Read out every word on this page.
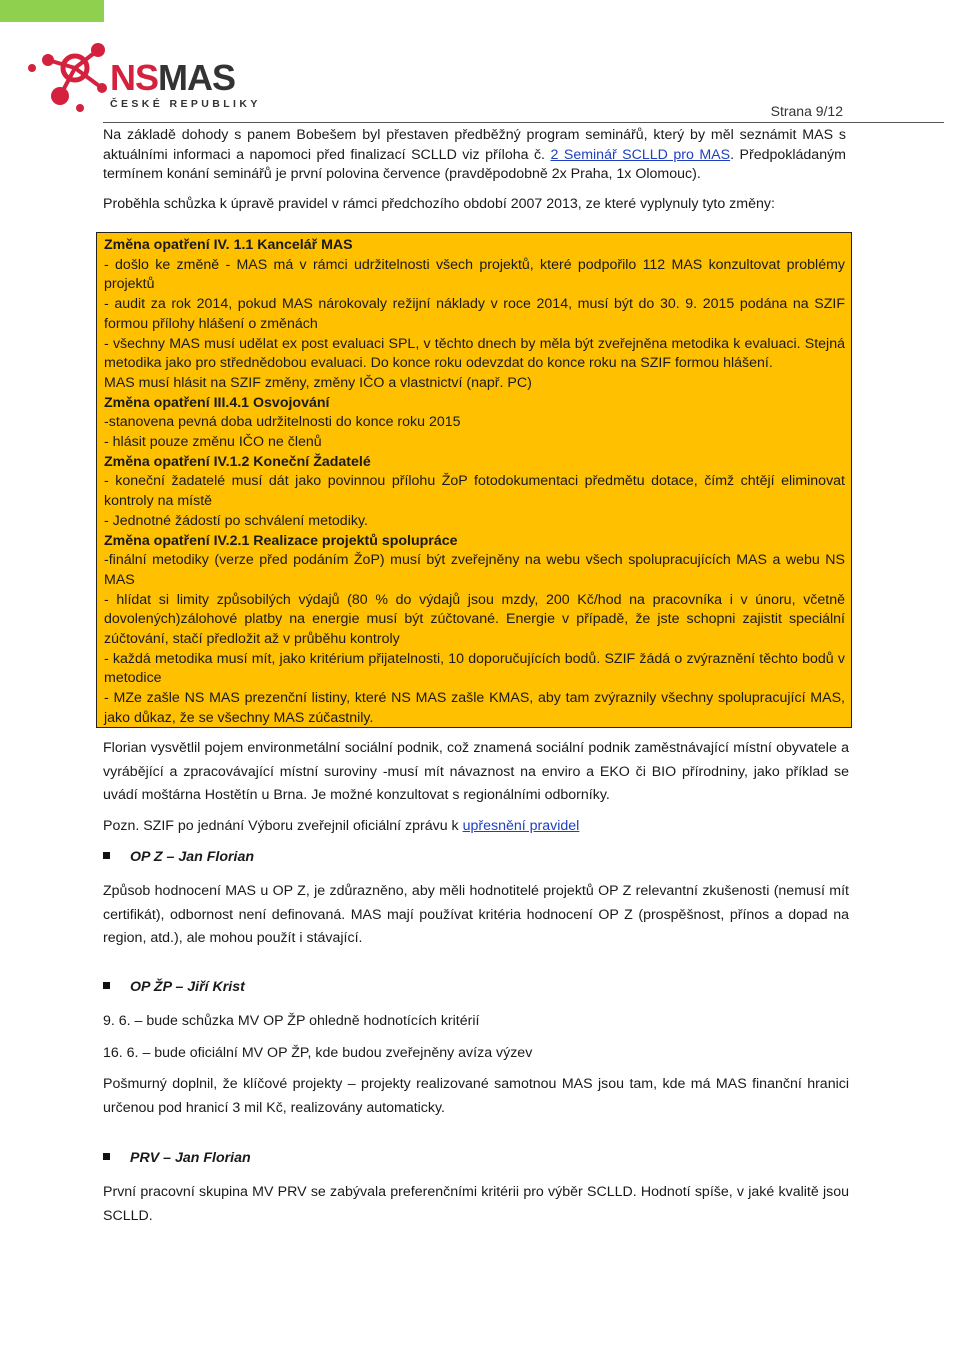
NSMAS
ČESKÉ REPUBLIKY	Strana 9/12

Na základě dohody s panem Bobešem byl přestaven předběžný program seminářů, který by měl seznámit MAS s aktuálními informaci a napomoci před finalizací SCLLD viz příloha č. 2 Seminář SCLLD pro MAS. Předpokládaným termínem konání seminářů je první polovina července (pravděpodobně 2x Praha, 1x Olomouc).

Proběhla schůzka k úpravě pravidel v rámci předchozího období 2007 2013, ze které vyplynuly tyto změny:

Změna opatření IV. 1.1 Kancelář MAS

- došlo ke změně - MAS má v rámci udržitelnosti všech projektů, které podpořilo 112 MAS konzultovat problémy projektů

- audit za rok 2014, pokud MAS nárokovaly režijní náklady v roce 2014, musí být do 30. 9. 2015 podána na SZIF formou přílohy hlášení o změnách

- všechny MAS musí udělat ex post evaluaci SPL, v těchto dnech by měla být zveřejněna metodika k evaluaci. Stejná metodika jako pro střednědobou evaluaci. Do konce roku odevzdat do konce roku na SZIF formou hlášení.

MAS musí hlásit na SZIF změny, změny IČO a vlastnictví (např. PC)

Změna opatření III.4.1 Osvojování

-stanovena pevná doba udržitelnosti do konce roku 2015

- hlásit pouze změnu IČO ne členů

Změna opatření IV.1.2 Koneční Žadatelé

- koneční žadatelé musí dát jako povinnou přílohu ŽoP fotodokumentaci předmětu dotace, čímž chtějí eliminovat kontroly na místě

- Jednotné žádostí po schválení metodiky.

Změna opatření IV.2.1 Realizace projektů spolupráce

-finální metodiky (verze před podáním ŽoP) musí být zveřejněny na webu všech spolupracujících MAS a webu NS MAS

- hlídat si limity způsobilých výdajů (80 % do výdajů jsou mzdy, 200 Kč/hod na pracovníka i v únoru, včetně dovolených)zálohové platby na energie musí být zúčtované. Energie v případě, že jste schopni zajistit speciální zúčtování, stačí předložit až v průběhu kontroly

- každá metodika musí mít, jako kritérium přijatelnosti, 10 doporučujících bodů. SZIF žádá o zvýraznění těchto bodů v metodice

- MZe zašle NS MAS prezenční listiny, které NS MAS zašle KMAS, aby tam zvýraznily všechny spolupracující MAS, jako důkaz, že se všechny MAS zúčastnily.

Florian vysvětlil pojem environmetální sociální podnik, což znamená sociální podnik zaměstnávající místní obyvatele a vyrábějící a zpracovávající místní suroviny -musí mít návaznost na enviro a EKO či BIO přírodniny, jako příklad se uvádí moštárna Hostětín u Brna. Je možné konzultovat s regionálními odborníky.
Pozn. SZIF po jednání Výboru zveřejnil oficiální zprávu k upřesnění pravidel
OP Z – Jan Florian
Způsob hodnocení MAS u OP Z, je zdůrazněno, aby měli hodnotitelé projektů OP Z relevantní zkušenosti (nemusí mít certifikát), odbornost není definovaná. MAS mají používat kritéria hodnocení OP Z (prospěšnost, přínos a dopad na region, atd.), ale mohou použít i stávající.
OP ŽP – Jiří Krist
9. 6. – bude schůzka MV OP ŽP ohledně hodnotících kritérií
16. 6. – bude oficiální MV OP ŽP, kde budou zveřejněny avíza výzev
Pošmurný doplnil, že klíčové projekty – projekty realizované samotnou MAS jsou tam, kde má MAS finanční hranici určenou pod hranicí 3 mil Kč, realizovány automaticky.
PRV – Jan Florian
První pracovní skupina MV PRV se zabývala preferenčními kritérii pro výběr SCLLD. Hodnotí spíše, v jaké kvalitě jsou SCLLD.
